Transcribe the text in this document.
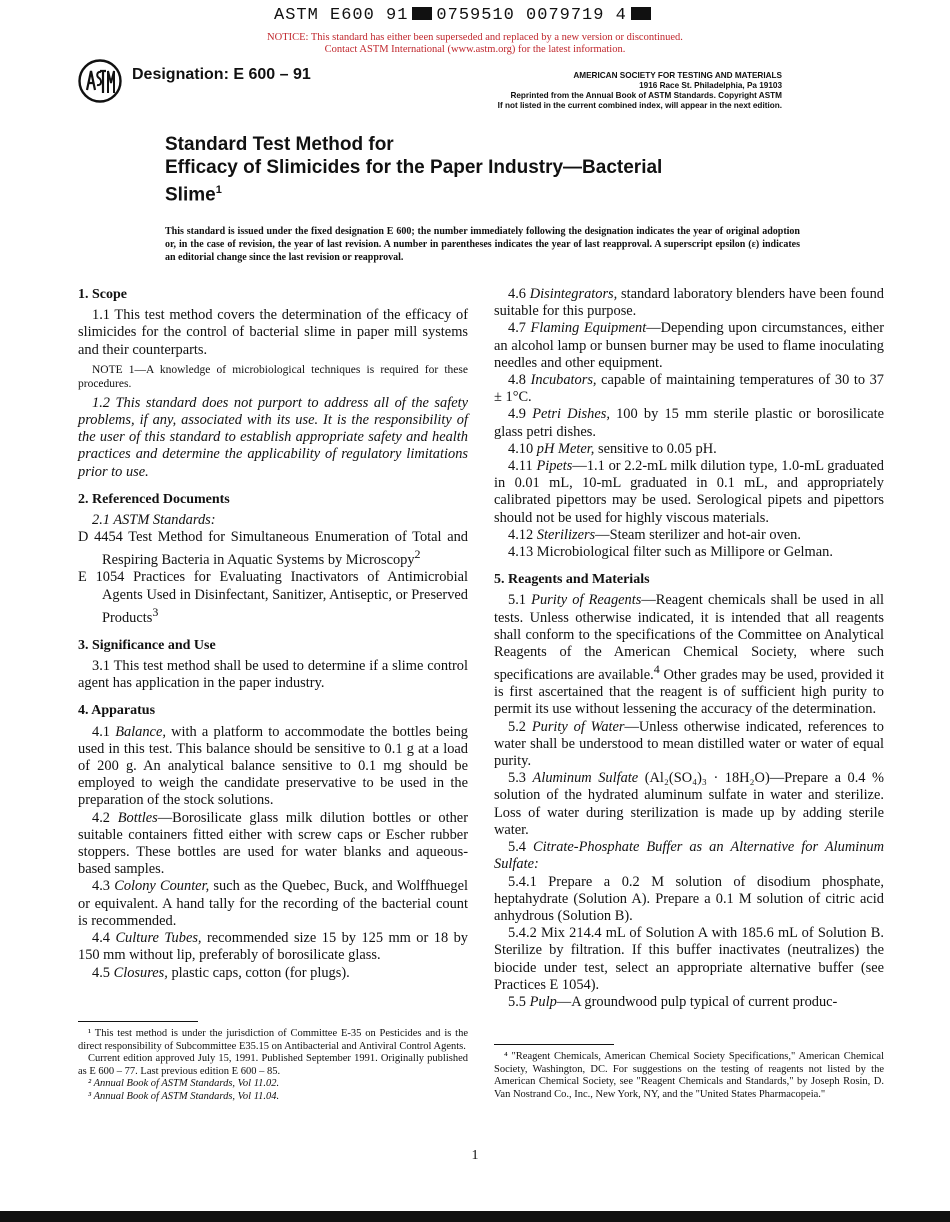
ASTM E600 91 0759510 0079719 4
NOTICE: This standard has either been superseded and replaced by a new version or discontinued.
Contact ASTM International (www.astm.org) for the latest information.
Designation: E 600 – 91	AMERICAN SOCIETY FOR TESTING AND MATERIALS
1916 Race St. Philadelphia, Pa 19103
Reprinted from the Annual Book of ASTM Standards. Copyright ASTM
If not listed in the current combined index, will appear in the next edition.
Standard Test Method for
Efficacy of Slimicides for the Paper Industry—Bacterial
Slime$^1$
This standard is issued under the fixed designation E 600; the number immediately following the designation indicates the year of original adoption or, in the case of revision, the year of last revision. A number in parentheses indicates the year of last reapproval. A superscript epsilon (ε) indicates an editorial change since the last revision or reapproval.
1. Scope

1.1 This test method covers the determination of the efficacy of slimicides for the control of bacterial slime in paper mill systems and their counterparts.

NOTE 1—A knowledge of microbiological techniques is required for these procedures.

1.2 This standard does not purport to address all of the safety problems, if any, associated with its use. It is the responsibility of the user of this standard to establish appropriate safety and health practices and determine the applicability of regulatory limitations prior to use.

2. Referenced Documents

2.1 ASTM Standards:

D 4454 Test Method for Simultaneous Enumeration of Total and Respiring Bacteria in Aquatic Systems by Microscopy$^2$

E 1054 Practices for Evaluating Inactivators of Antimicrobial Agents Used in Disinfectant, Sanitizer, Antiseptic, or Preserved Products$^3$

3. Significance and Use

3.1 This test method shall be used to determine if a slime control agent has application in the paper industry.

4. Apparatus

4.1 Balance, with a platform to accommodate the bottles being used in this test. This balance should be sensitive to 0.1 g at a load of 200 g. An analytical balance sensitive to 0.1 mg should be employed to weigh the candidate preservative to be used in the preparation of the stock solutions.

4.2 Bottles—Borosilicate glass milk dilution bottles or other suitable containers fitted either with screw caps or Escher rubber stoppers. These bottles are used for water blanks and aqueous-based samples.

4.3 Colony Counter, such as the Quebec, Buck, and Wolffhuegel or equivalent. A hand tally for the recording of the bacterial count is recommended.

4.4 Culture Tubes, recommended size 15 by 125 mm or 18 by 150 mm without lip, preferably of borosilicate glass.

4.5 Closures, plastic caps, cotton (for plugs).

4.6 Disintegrators, standard laboratory blenders have been found suitable for this purpose.

4.7 Flaming Equipment—Depending upon circumstances, either an alcohol lamp or bunsen burner may be used to flame inoculating needles and other equipment.

4.8 Incubators, capable of maintaining temperatures of 30 to 37 ± 1°C.

4.9 Petri Dishes, 100 by 15 mm sterile plastic or borosilicate glass petri dishes.

4.10 pH Meter, sensitive to 0.05 pH.

4.11 Pipets—1.1 or 2.2-mL milk dilution type, 1.0-mL graduated in 0.01 mL, 10-mL graduated in 0.1 mL, and appropriately calibrated pipettors may be used. Serological pipets and pipettors should not be used for highly viscous materials.

4.12 Sterilizers—Steam sterilizer and hot-air oven.

4.13 Microbiological filter such as Millipore or Gelman.

5. Reagents and Materials

5.1 Purity of Reagents—Reagent chemicals shall be used in all tests. Unless otherwise indicated, it is intended that all reagents shall conform to the specifications of the Committee on Analytical Reagents of the American Chemical Society, where such specifications are available.$^4$ Other grades may be used, provided it is first ascertained that the reagent is of sufficient high purity to permit its use without lessening the accuracy of the determination.

5.2 Purity of Water—Unless otherwise indicated, references to water shall be understood to mean distilled water or water of equal purity.

5.3 Aluminum Sulfate (Al₂(SO₄)₃ · 18H₂O)—Prepare a 0.4 % solution of the hydrated aluminum sulfate in water and sterilize. Loss of water during sterilization is made up by adding sterile water.

5.4 Citrate-Phosphate Buffer as an Alternative for Aluminum Sulfate:

5.4.1 Prepare a 0.2 M solution of disodium phosphate, heptahydrate (Solution A). Prepare a 0.1 M solution of citric acid anhydrous (Solution B).

5.4.2 Mix 214.4 mL of Solution A with 185.6 mL of Solution B. Sterilize by filtration. If this buffer inactivates (neutralizes) the biocide under test, select an appropriate alternative buffer (see Practices E 1054).

5.5 Pulp—A groundwood pulp typical of current produc-

¹ This test method is under the jurisdiction of Committee E-35 on Pesticides and is the direct responsibility of Subcommittee E35.15 on Antibacterial and Antiviral Control Agents.

Current edition approved July 15, 1991. Published September 1991. Originally published as E 600 – 77. Last previous edition E 600 – 85.

² Annual Book of ASTM Standards, Vol 11.02.

³ Annual Book of ASTM Standards, Vol 11.04.

⁴ "Reagent Chemicals, American Chemical Society Specifications," American Chemical Society, Washington, DC. For suggestions on the testing of reagents not listed by the American Chemical Society, see "Reagent Chemicals and Standards," by Joseph Rosin, D. Van Nostrand Co., Inc., New York, NY, and the "United States Pharmacopeia."

1
